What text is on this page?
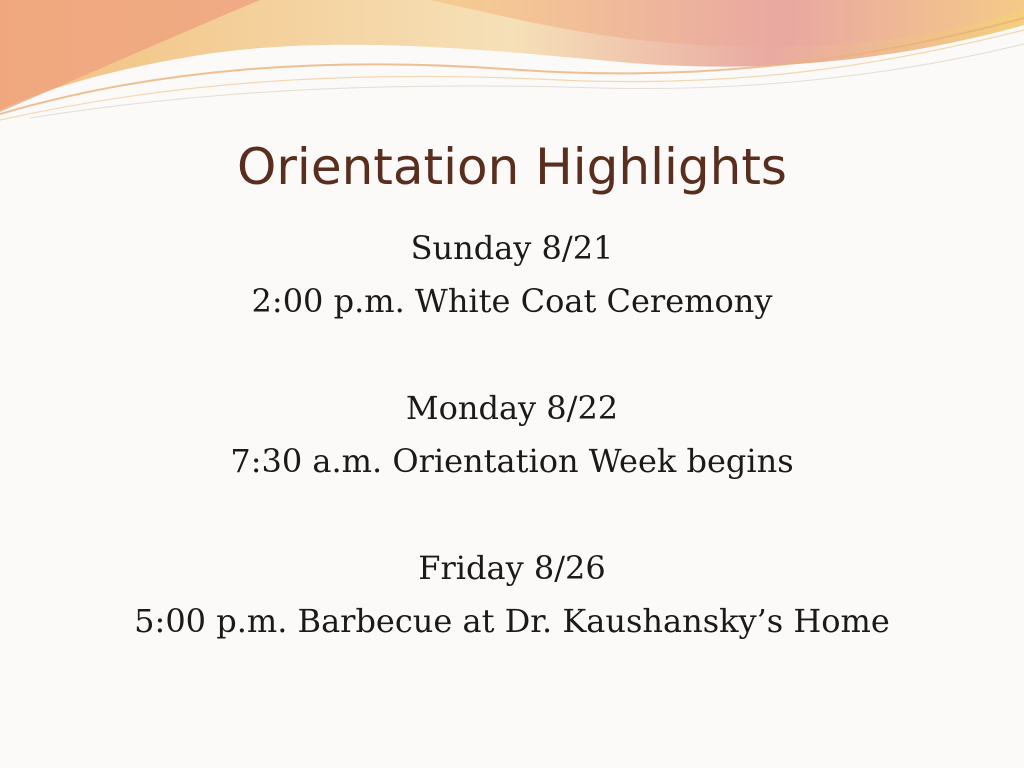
Orientation Highlights
Sunday 8/21
2:00 p.m. White Coat Ceremony
Monday 8/22
7:30 a.m. Orientation Week begins
Friday 8/26
5:00 p.m. Barbecue at Dr. Kaushansky’s Home
